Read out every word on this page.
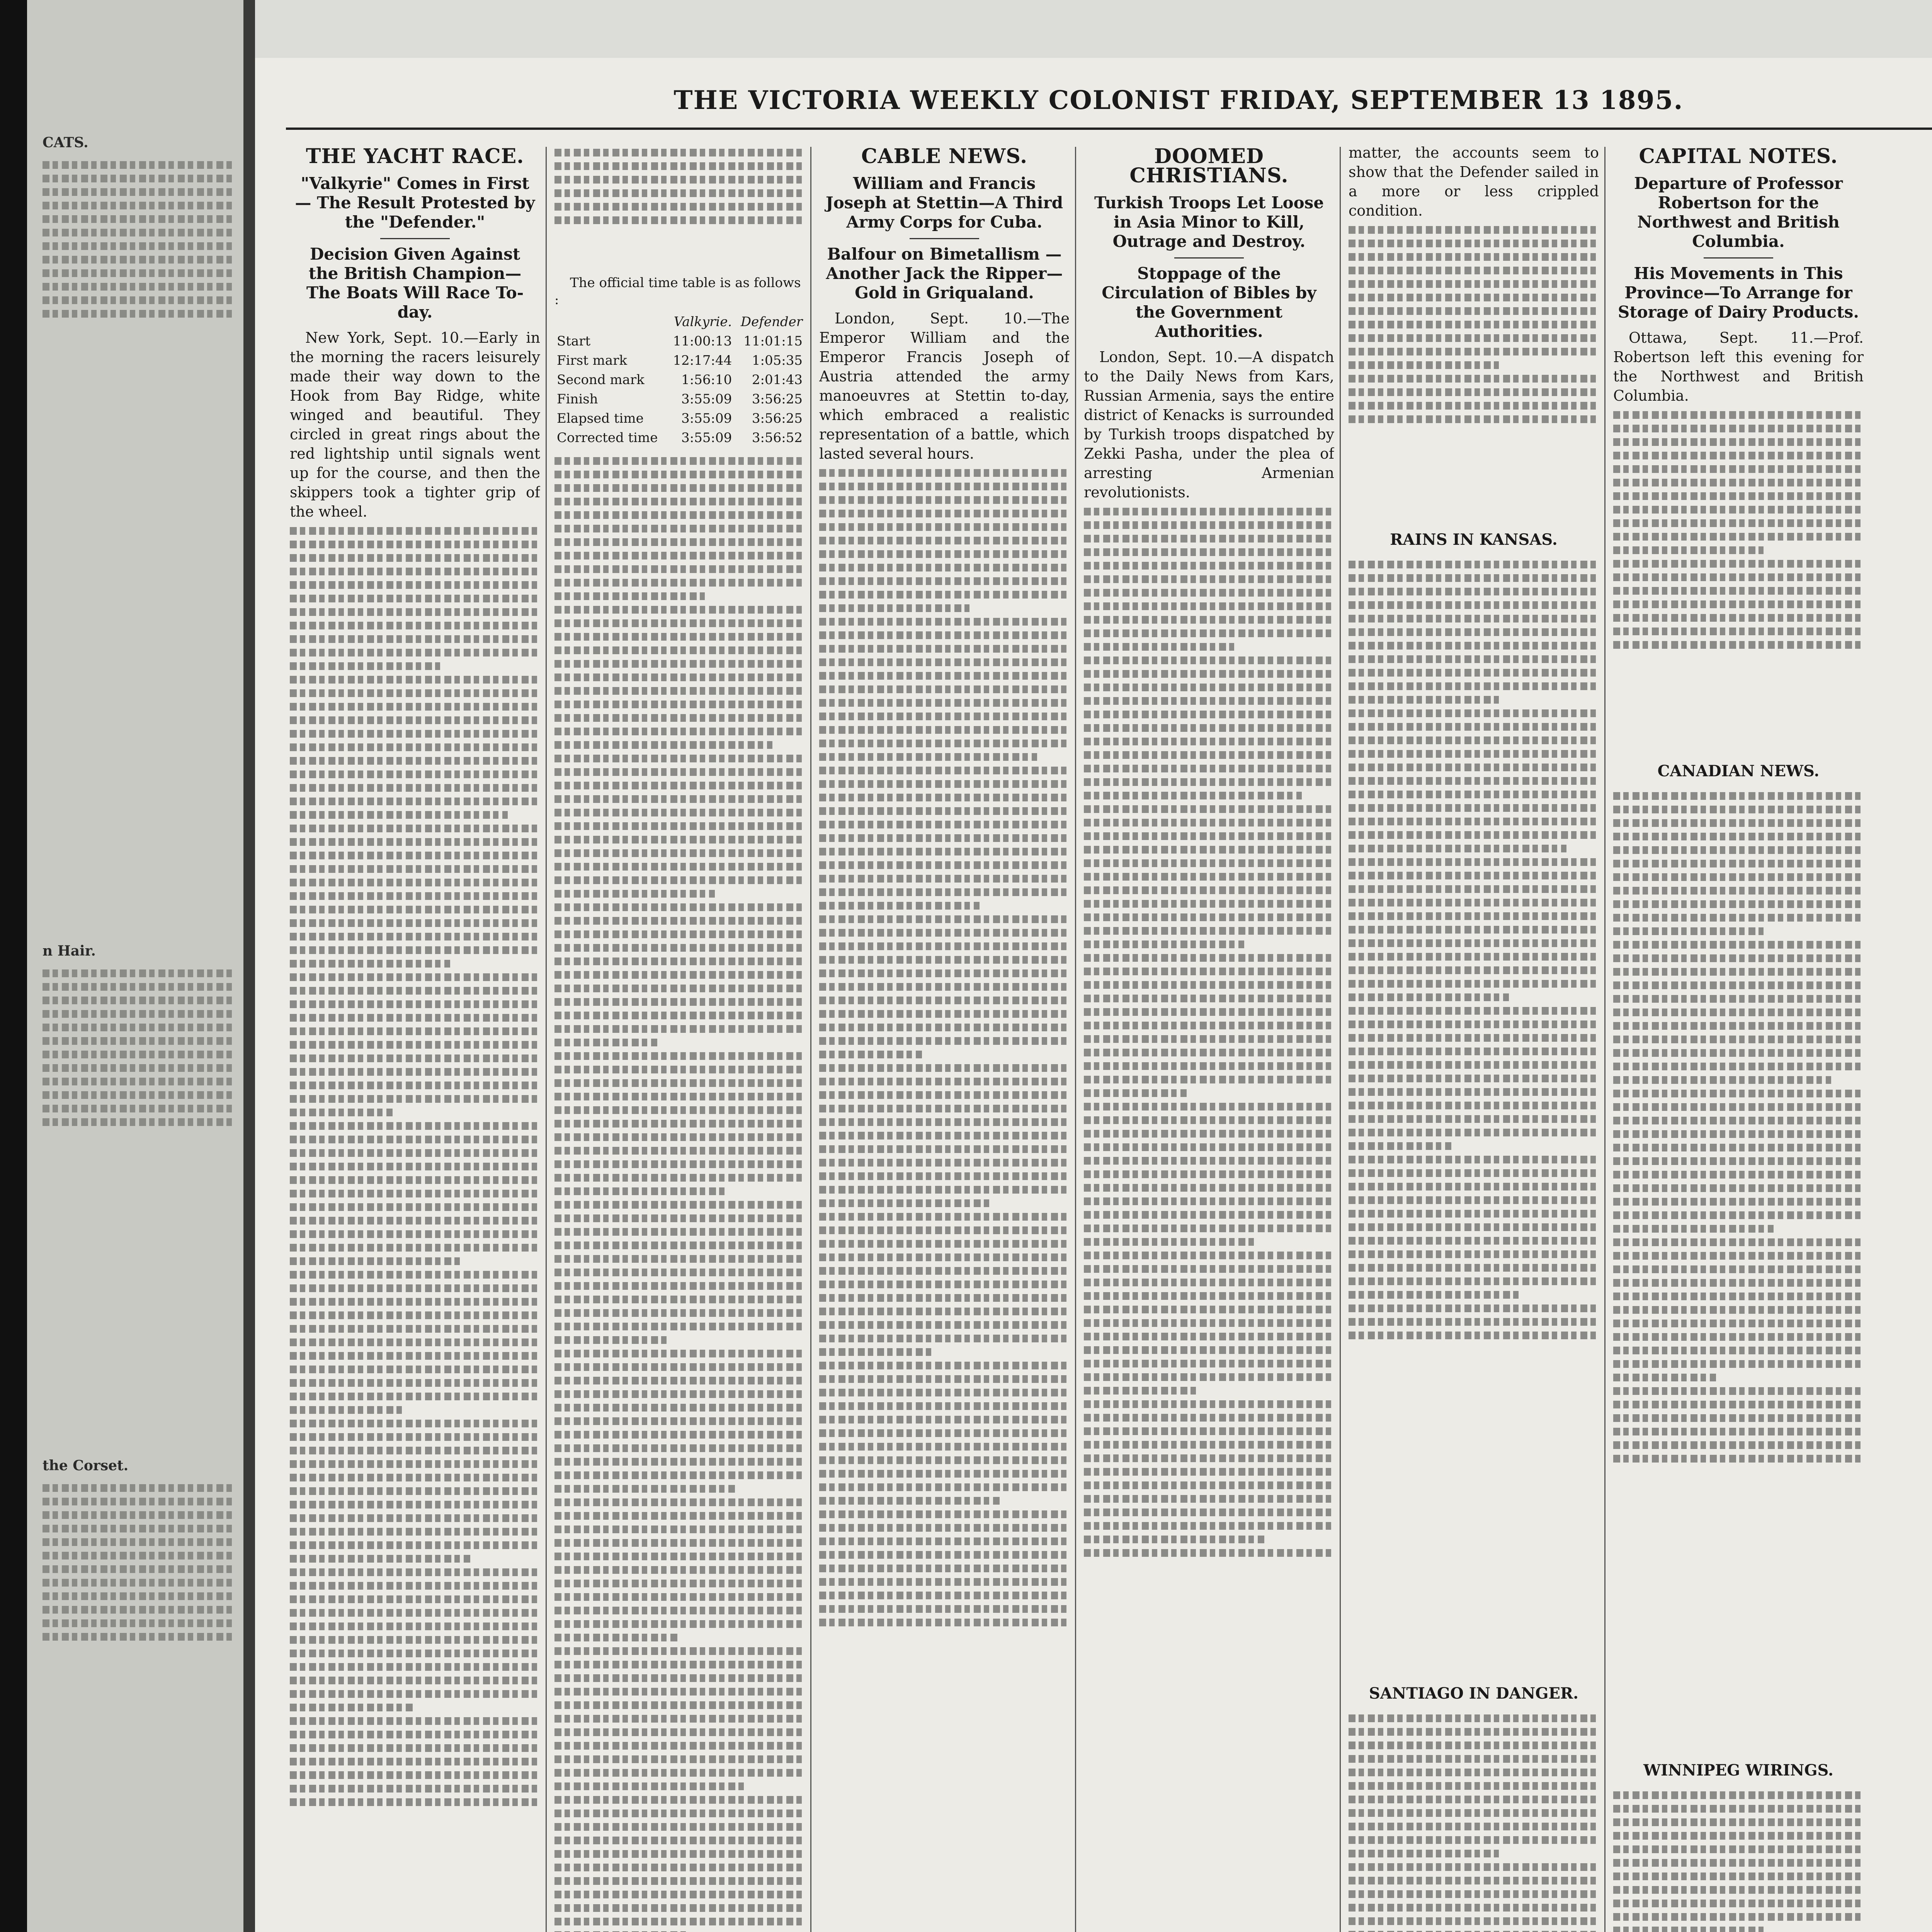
CATS.
n Hair.
the Corset.
THE VICTORIA WEEKLY COLONIST FRIDAY, SEPTEMBER 13 1895.
THE YACHT RACE.
"Valkyrie" Comes in First — The Result Protested by the "Defender."
Decision Given Against the British Champion—The Boats Will Race To-day.

New York, Sept. 10.—Early in the morning the racers leisurely made their way down to the Hook from Bay Ridge, white winged and beautiful. They circled in great rings about the red lightship until signals went up for the course, and then the skippers took a tighter grip of the wheel.

The official time table is as follows :
	Valkyrie.	Defender
Start	11:00:13	11:01:15
First mark	12:17:44	1:05:35
Second mark	1:56:10	2:01:43
Finish	3:55:09	3:56:25
Elapsed time	3:55:09	3:56:25
Corrected time	3:55:09	3:56:52
CABLE NEWS.
William and Francis Joseph at Stettin—A Third Army Corps for Cuba.
Balfour on Bimetallism — Another Jack the Ripper—Gold in Griqualand.

London, Sept. 10.—The Emperor William and the Emperor Francis Joseph of Austria attended the army manoeuvres at Stettin to-day, which embraced a realistic representation of a battle, which lasted several hours.

DOOMED CHRISTIANS.
Turkish Troops Let Loose in Asia Minor to Kill, Outrage and Destroy.
Stoppage of the Circulation of Bibles by the Government Authorities.

London, Sept. 10.—A dispatch to the Daily News from Kars, Russian Armenia, says the entire district of Kenacks is surrounded by Turkish troops dispatched by Zekki Pasha, under the plea of arresting Armenian revolutionists.

matter, the accounts seem to show that the Defender sailed in a more or less crippled condition.

RAINS IN KANSAS.
SANTIAGO IN DANGER.
CAPITAL NOTES.
Departure of Professor Robertson for the Northwest and British Columbia.
His Movements in This Province—To Arrange for Storage of Dairy Products.

Ottawa, Sept. 11.—Prof. Robertson left this evening for the Northwest and British Columbia.

CANADIAN NEWS.
WINNIPEG WIRINGS.
